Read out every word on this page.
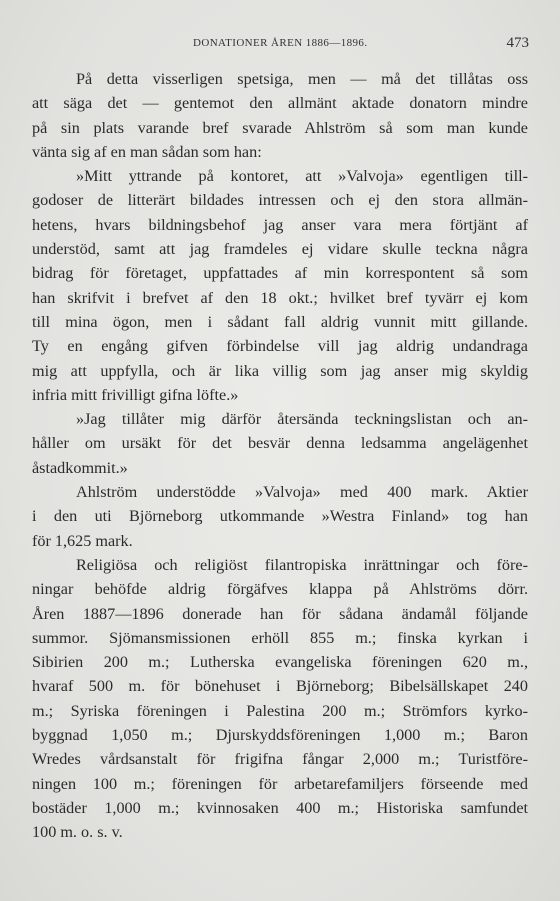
DONATIONER ÅREN 1886—1896.	473
På detta visserligen spetsiga, men — må det tillåtas oss
att säga det — gentemot den allmänt aktade donatorn mindre
på sin plats varande bref svarade Ahlström så som man kunde
vänta sig af en man sådan som han:
»Mitt yttrande på kontoret, att »Valvoja» egentligen till-
godoser de litterärt bildades intressen och ej den stora allmän-
hetens, hvars bildningsbehof jag anser vara mera förtjänt af
understöd, samt att jag framdeles ej vidare skulle teckna några
bidrag för företaget, uppfattades af min korrespontent så som
han skrifvit i brefvet af den 18 okt.; hvilket bref tyvärr ej kom
till mina ögon, men i sådant fall aldrig vunnit mitt gillande.
Ty en engång gifven förbindelse vill jag aldrig undandraga
mig att uppfylla, och är lika villig som jag anser mig skyldig
infria mitt frivilligt gifna löfte.»
»Jag tillåter mig därför återsända teckningslistan och an-
håller om ursäkt för det besvär denna ledsamma angelägenhet
åstadkommit.»
Ahlström understödde »Valvoja» med 400 mark. Aktier
i den uti Björneborg utkommande »Westra Finland» tog han
för 1,625 mark.
Religiösa och religiöst filantropiska inrättningar och före-
ningar behöfde aldrig förgäfves klappa på Ahlströms dörr.
Åren 1887—1896 donerade han för sådana ändamål följande
summor. Sjömansmissionen erhöll 855 m.; finska kyrkan i
Sibirien 200 m.; Lutherska evangeliska föreningen 620 m.,
hvaraf 500 m. för bönehuset i Björneborg; Bibelsällskapet 240
m.; Syriska föreningen i Palestina 200 m.; Strömfors kyrko-
byggnad 1,050 m.; Djurskyddsföreningen 1,000 m.; Baron
Wredes vårdsanstalt för frigifna fångar 2,000 m.; Turistföre-
ningen 100 m.; föreningen för arbetarefamiljers förseende med
bostäder 1,000 m.; kvinnosaken 400 m.; Historiska samfundet
100 m. o. s. v.
